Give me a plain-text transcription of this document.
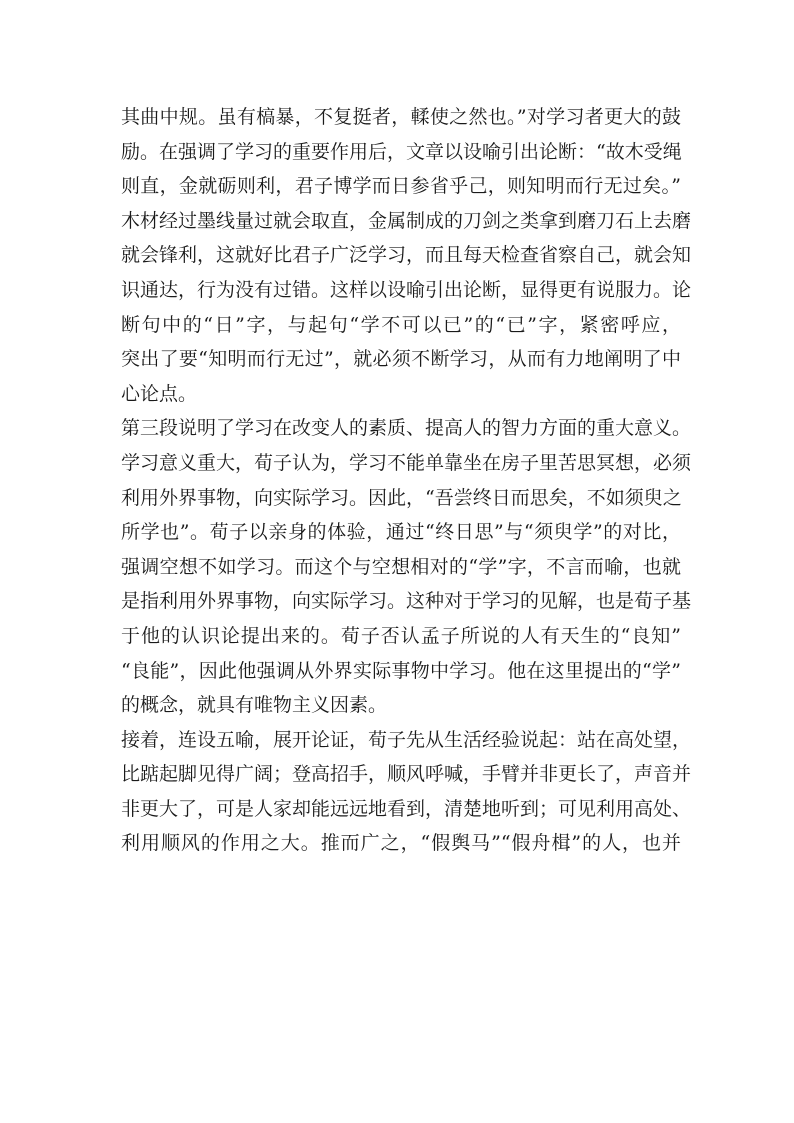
其曲中规。虽有槁暴，不复挺者，輮使之然也。”对学习者更大的鼓
励。在强调了学习的重要作用后，文章以设喻引出论断：“故木受绳
则直，金就砺则利，君子博学而日参省乎己，则知明而行无过矣。”
木材经过墨线量过就会取直，金属制成的刀剑之类拿到磨刀石上去磨
就会锋利，这就好比君子广泛学习，而且每天检查省察自己，就会知
识通达，行为没有过错。这样以设喻引出论断，显得更有说服力。论
断句中的“日”字，与起句“学不可以已”的“已”字，紧密呼应，
突出了要“知明而行无过”，就必须不断学习，从而有力地阐明了中
心论点。
第三段说明了学习在改变人的素质、提高人的智力方面的重大意义。
学习意义重大，荀子认为，学习不能单靠坐在房子里苦思冥想，必须
利用外界事物，向实际学习。因此，“吾尝终日而思矣，不如须臾之
所学也”。荀子以亲身的体验，通过“终日思”与“须臾学”的对比，
强调空想不如学习。而这个与空想相对的“学”字，不言而喻，也就
是指利用外界事物，向实际学习。这种对于学习的见解，也是荀子基
于他的认识论提出来的。荀子否认孟子所说的人有天生的“良知”
“良能”，因此他强调从外界实际事物中学习。他在这里提出的“学”
的概念，就具有唯物主义因素。
接着，连设五喻，展开论证，荀子先从生活经验说起：站在高处望，
比踮起脚见得广阔；登高招手，顺风呼喊，手臂并非更长了，声音并
非更大了，可是人家却能远远地看到，清楚地听到；可见利用高处、
利用顺风的作用之大。推而广之，“假舆马”“假舟楫”的人，也并
